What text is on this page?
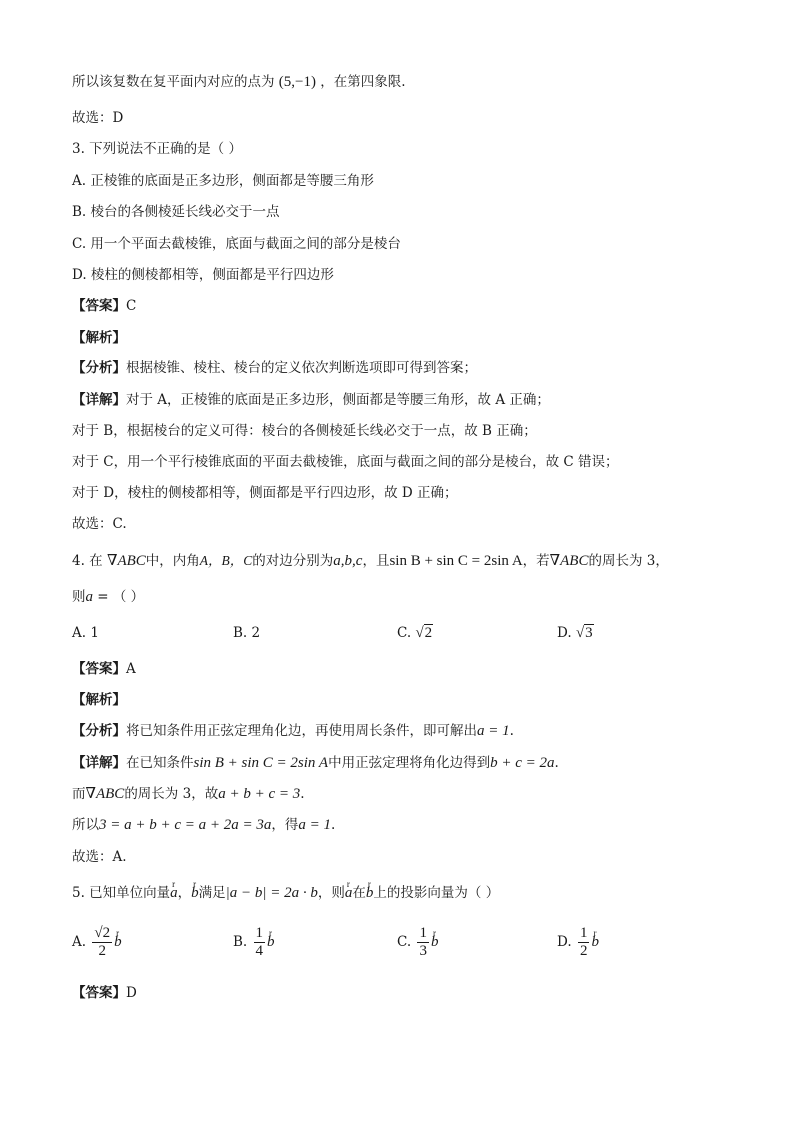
所以该复数在复平面内对应的点为 (5,−1) ，在第四象限.
故选：D
3. 下列说法不正确的是（ ）
A. 正棱锥的底面是正多边形，侧面都是等腰三角形
B. 棱台的各侧棱延长线必交于一点
C. 用一个平面去截棱锥，底面与截面之间的部分是棱台
D. 棱柱的侧棱都相等，侧面都是平行四边形
【答案】C
【解析】
【分析】根据棱锥、棱柱、棱台的定义依次判断选项即可得到答案；
【详解】对于 A，正棱锥的底面是正多边形，侧面都是等腰三角形，故 A 正确；
对于 B，根据棱台的定义可得：棱台的各侧棱延长线必交于一点，故 B 正确；
对于 C，用一个平行棱锥底面的平面去截棱锥，底面与截面之间的部分是棱台，故 C 错误；
对于 D，棱柱的侧棱都相等，侧面都是平行四边形，故 D 正确；
故选：C.
4. 在 ∇ABC中，内角A，B，C的对边分别为a,b,c，且sin B + sin C = 2sin A，若∇ABC的周长为 3，
则a = （ ）
A. 1	B. 2	C. √2	D. √3
【答案】A
【解析】
【分析】将已知条件用正弦定理角化边，再使用周长条件，即可解出a = 1.
【详解】在已知条件sin B + sin C = 2sin A中用正弦定理将角化边得到b + c = 2a.
而∇ABC的周长为 3，故a + b + c = 3.
所以3 = a + b + c = a + 2a = 3a，得a = 1.
故选：A.
5. 已知单位向量r a，r b满足|a − b| = 2a · b，则r a在r b上的投影向量为（ ）
A. $\frac{√2}{2}$ r b	B. $\frac{1}{4}$ r b	C. $\frac{1}{3}$ r b	D. $\frac{1}{2}$ r b
【答案】D
